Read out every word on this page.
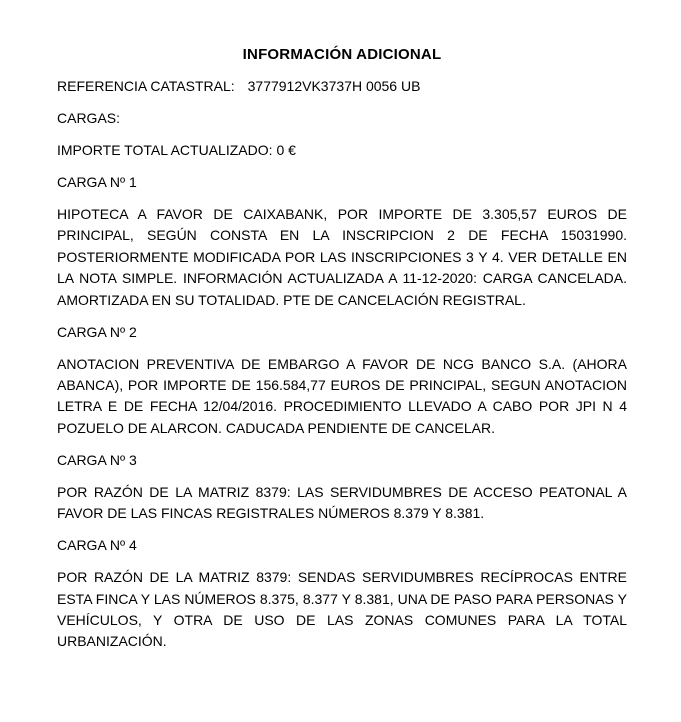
INFORMACIÓN ADICIONAL
REFERENCIA CATASTRAL: 3777912VK3737H 0056 UB
CARGAS:
IMPORTE TOTAL ACTUALIZADO: 0 €
CARGA Nº 1

HIPOTECA A FAVOR DE CAIXABANK, POR IMPORTE DE 3.305,57 EUROS DE PRINCIPAL, SEGÚN CONSTA EN LA INSCRIPCION 2 DE FECHA 15031990. POSTERIORMENTE MODIFICADA POR LAS INSCRIPCIONES 3 Y 4. VER DETALLE EN LA NOTA SIMPLE. INFORMACIÓN ACTUALIZADA A 11-12-2020: CARGA CANCELADA. AMORTIZADA EN SU TOTALIDAD. PTE DE CANCELACIÓN REGISTRAL.

CARGA Nº 2

ANOTACION PREVENTIVA DE EMBARGO A FAVOR DE NCG BANCO S.A. (AHORA ABANCA), POR IMPORTE DE 156.584,77 EUROS DE PRINCIPAL, SEGUN ANOTACION LETRA E DE FECHA 12/04/2016. PROCEDIMIENTO LLEVADO A CABO POR JPI N 4 POZUELO DE ALARCON. CADUCADA PENDIENTE DE CANCELAR.

CARGA Nº 3

POR RAZÓN DE LA MATRIZ 8379: LAS SERVIDUMBRES DE ACCESO PEATONAL A FAVOR DE LAS FINCAS REGISTRALES NÚMEROS 8.379 Y 8.381.

CARGA Nº 4

POR RAZÓN DE LA MATRIZ 8379: SENDAS SERVIDUMBRES RECÍPROCAS ENTRE ESTA FINCA Y LAS NÚMEROS 8.375, 8.377 Y 8.381, UNA DE PASO PARA PERSONAS Y VEHÍCULOS, Y OTRA DE USO DE LAS ZONAS COMUNES PARA LA TOTAL URBANIZACIÓN.
